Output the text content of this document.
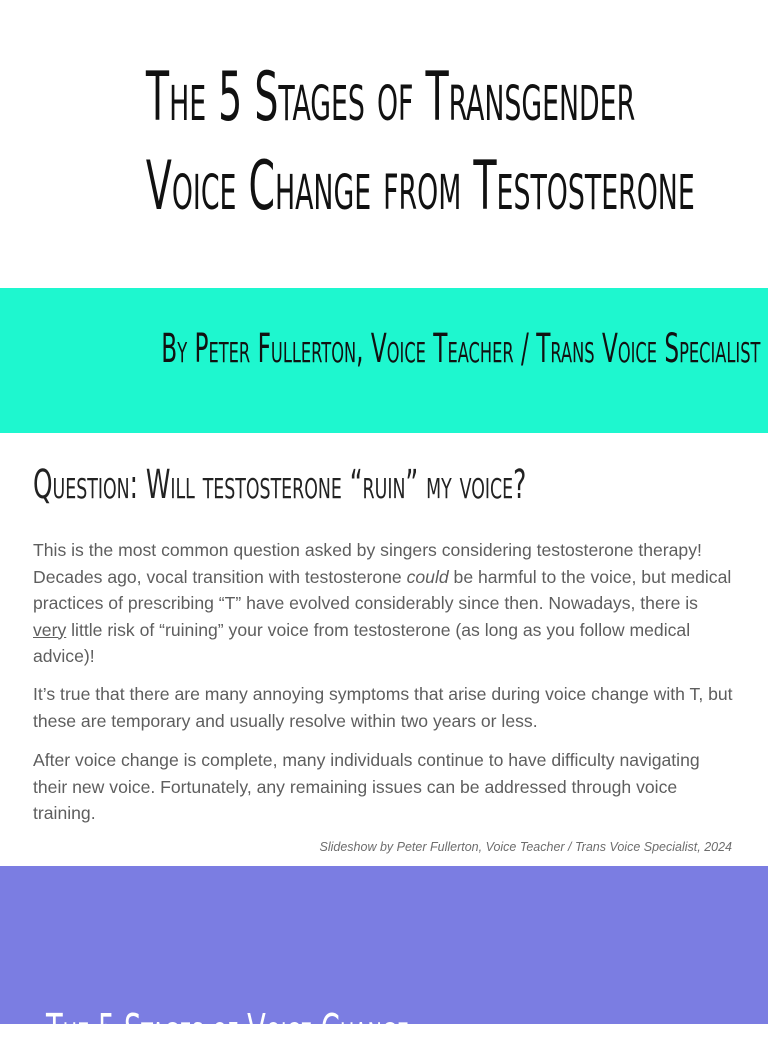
The 5 Stages of Transgender
Voice Change from Testosterone
By Peter Fullerton, Voice Teacher / Trans Voice Specialist
Question: Will testosterone “ruin” my voice?

This is the most common question asked by singers considering testosterone therapy! Decades ago, vocal transition with testosterone could be harmful to the voice, but medical practices of prescribing “T” have evolved considerably since then. Nowadays, there is very little risk of “ruining” your voice from testosterone (as long as you follow medical advice)!

It’s true that there are many annoying symptoms that arise during voice change with T, but these are temporary and usually resolve within two years or less.

After voice change is complete, many individuals continue to have difficulty navigating their new voice. Fortunately, any remaining issues can be addressed through voice training.

Slideshow by Peter Fullerton, Voice Teacher / Trans Voice Specialist, 2024
The 5 Stages of Voice Change
